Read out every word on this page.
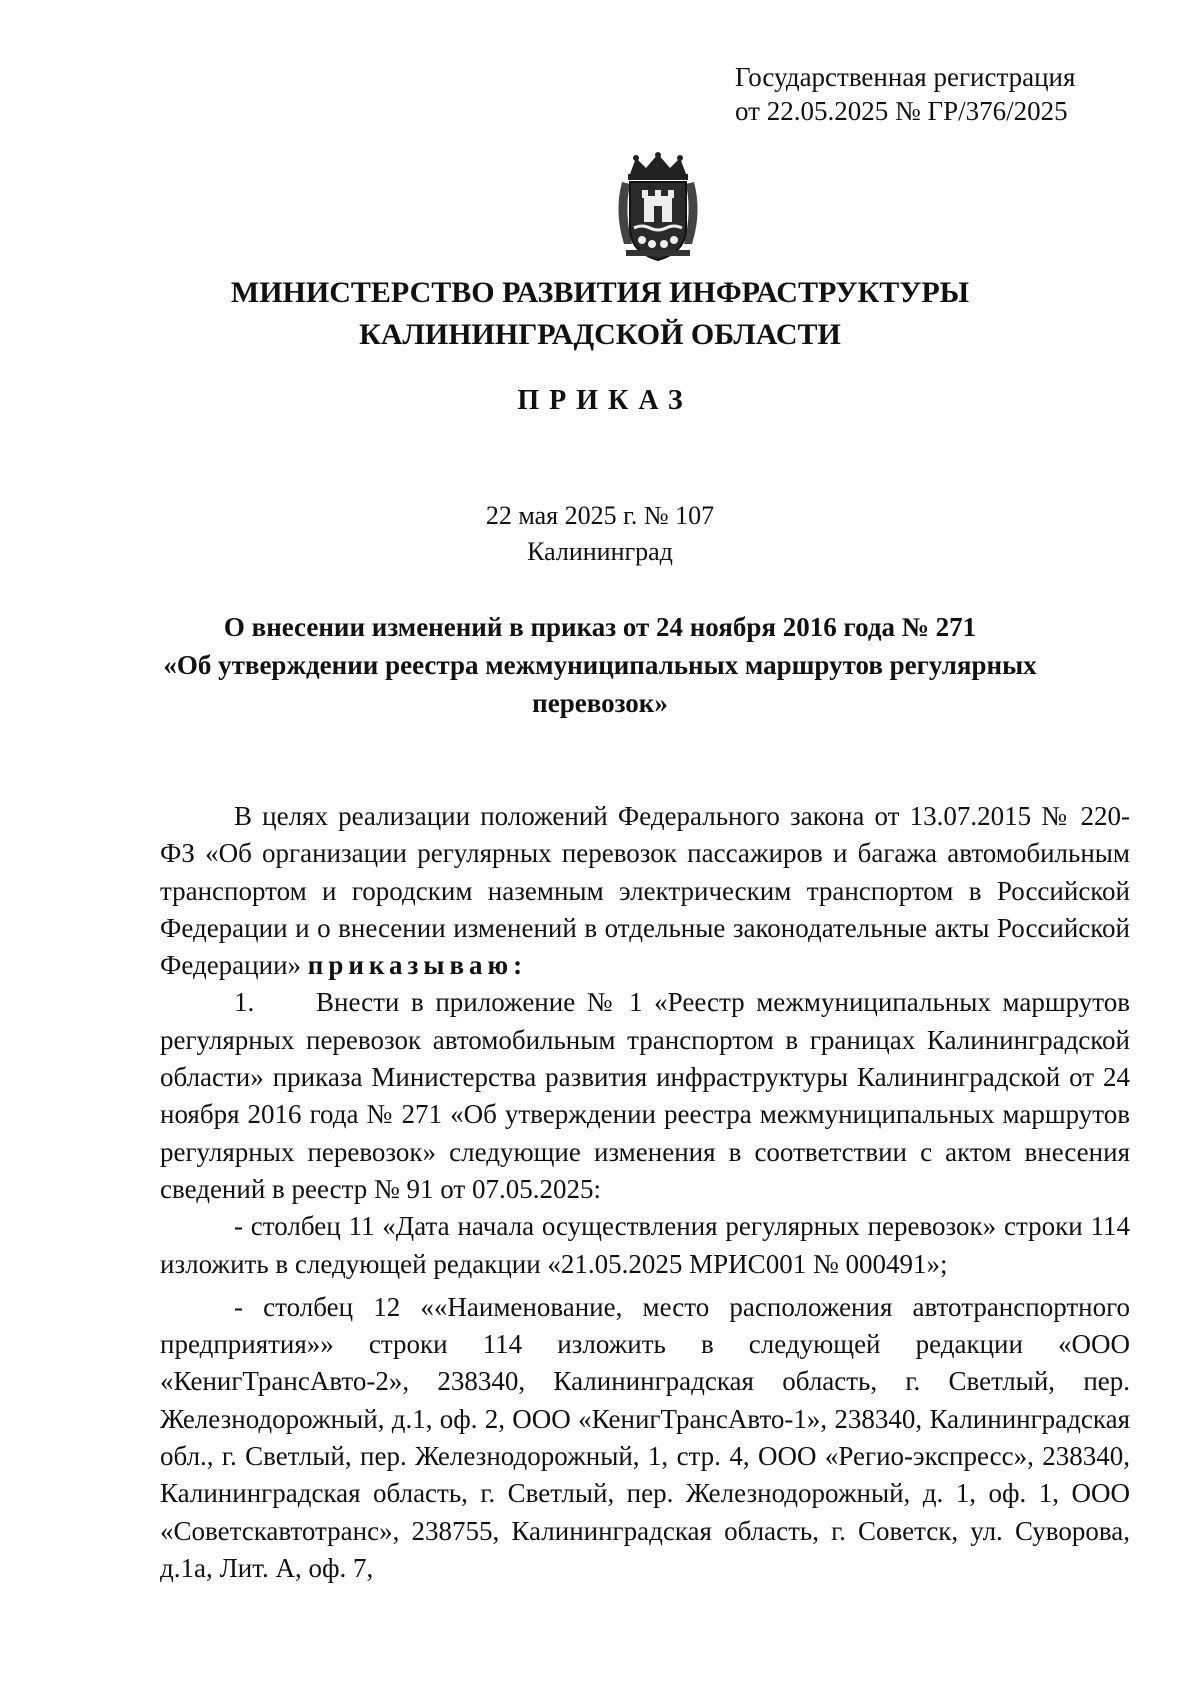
Государственная регистрация
от 22.05.2025 № ГР/376/2025
МИНИСТЕРСТВО РАЗВИТИЯ ИНФРАСТРУКТУРЫ
КАЛИНИНГРАДСКОЙ ОБЛАСТИ
ПРИКАЗ
22 мая 2025 г. № 107
Калининград
О внесении изменений в приказ от 24 ноября 2016 года № 271
«Об утверждении реестра межмуниципальных маршрутов регулярных
перевозок»

В целях реализации положений Федерального закона от 13.07.2015 № 220-ФЗ «Об организации регулярных перевозок пассажиров и багажа автомобильным транспортом и городским наземным электрическим транспортом в Российской Федерации и о внесении изменений в отдельные законодательные акты Российской Федерации» приказываю:

1. Внести в приложение № 1 «Реестр межмуниципальных маршрутов регулярных перевозок автомобильным транспортом в границах Калининградской области» приказа Министерства развития инфраструктуры Калининградской от 24 ноября 2016 года № 271 «Об утверждении реестра межмуниципальных маршрутов регулярных перевозок» следующие изменения в соответствии с актом внесения сведений в реестр № 91 от 07.05.2025:

- столбец 11 «Дата начала осуществления регулярных перевозок» строки 114 изложить в следующей редакции «21.05.2025 МРИС001 № 000491»;

- столбец 12 ««Наименование, место расположения автотранспортного предприятия»» строки 114 изложить в следующей редакции «ООО «КенигТрансАвто-2», 238340, Калининградская область, г. Светлый, пер. Железнодорожный, д.1, оф. 2, ООО «КенигТрансАвто-1», 238340, Калининградская обл., г. Светлый, пер. Железнодорожный, 1, стр. 4, ООО «Регио-экспресс», 238340, Калининградская область, г. Светлый, пер. Железнодорожный, д. 1, оф. 1, ООО «Советскавтотранс», 238755, Калининградская область, г. Советск, ул. Суворова, д.1а, Лит. А, оф. 7,
